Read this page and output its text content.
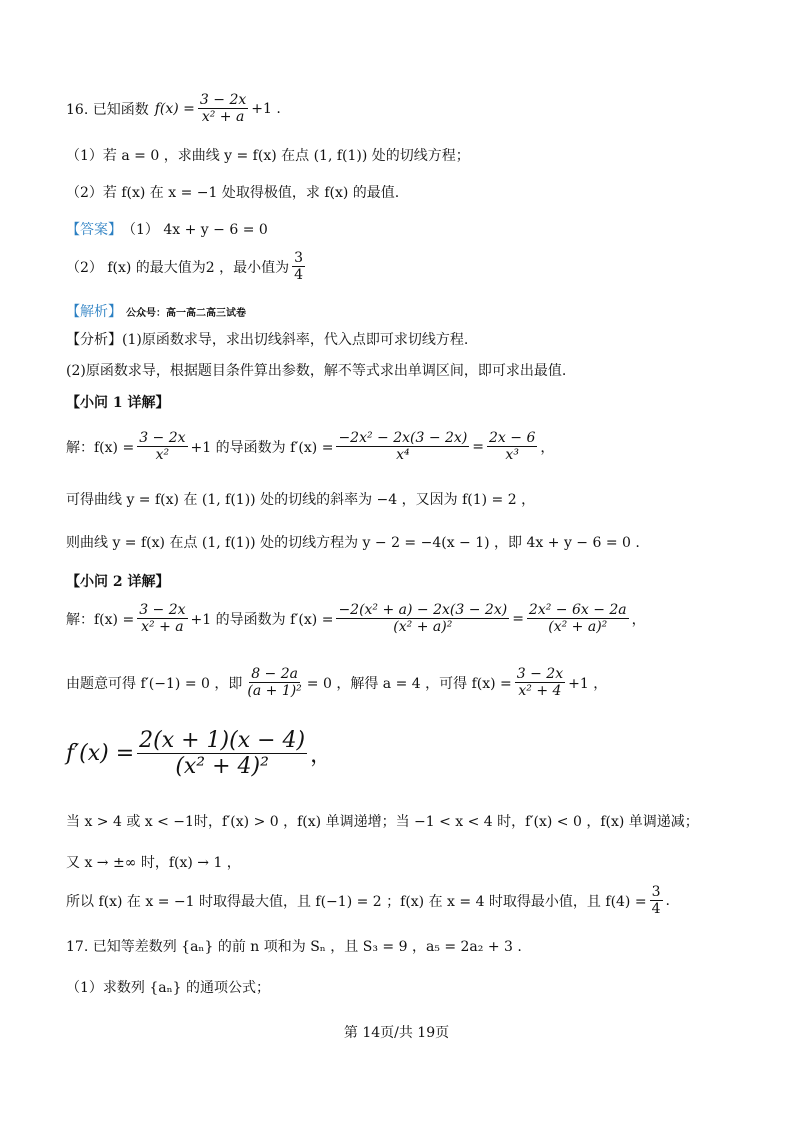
16. 已知函数 $f(x) = \frac{3 - 2x}{\text{x² + a}} +1$ .
（1）若 a = 0 ，求曲线 y = f(x) 在点 (1, f(1)) 处的切线方程；
（2）若 f(x) 在 x = −1 处取得极值，求 f(x) 的最值.
【答案】 （1） 4x + y − 6 = 0
（2） f(x) 的最大值为2 ，最小值为 $\frac{3}{4}$
【解析】 公众号：高一高二高三试卷
【分析】(1)原函数求导，求出切线斜率，代入点即可求切线方程.
(2)原函数求导，根据题目条件算出参数，解不等式求出单调区间，即可求出最值.
【小问 1 详解】
解：$f(x) = \frac{3 - 2x}{\text{x²}} +1$ 的导函数为 $f'(x) = \frac{\text{−2x² − 2x(3 − 2x)}}{\text{x⁴}} = \frac{2x - 6}{\text{x³}}$ ，
可得曲线 y = f(x) 在 (1, f(1)) 处的切线的斜率为 −4 ，又因为 f(1) = 2 ，
则曲线 y = f(x) 在点 (1, f(1)) 处的切线方程为 y − 2 = −4(x − 1) ，即 4x + y − 6 = 0 .
【小问 2 详解】
解：$f(x) = \frac{3 - 2x}{\text{x² + a}} +1$ 的导函数为 $f'(x) = \frac{\text{−2(x² + a) − 2x(3 − 2x)}}{\text{(x² + a)²}} = \frac{\text{2x² − 6x − 2a}}{\text{(x² + a)²}}$ ，
由题意可得 f′(−1) = 0 ，即 $\frac{8 - 2a}{\text{(a + 1)²}} = 0$ ，解得 a = 4 ，可得 $f(x) = \frac{3 - 2x}{\text{x² + 4}} +1$ ，
$f'(x) = \frac{2(x + 1)(x - 4)}{\text{(x² + 4)²}}$ ，
当 x > 4 或 x < −1时，f′(x) > 0 ，f(x) 单调递增；当 −1 < x < 4 时，f′(x) < 0 ，f(x) 单调递减；
又 x → ±∞ 时，f(x) → 1 ，
所以 f(x) 在 x = −1 时取得最大值，且 f(−1) = 2 ；f(x) 在 x = 4 时取得最小值，且 $f(4) = \frac{3}{4}$ .
17. 已知等差数列 {aₙ} 的前 n 项和为 Sₙ ，且 S₃ = 9 ，a₅ = 2a₂ + 3 .
（1）求数列 {aₙ} 的通项公式；
第 14页/共 19页
